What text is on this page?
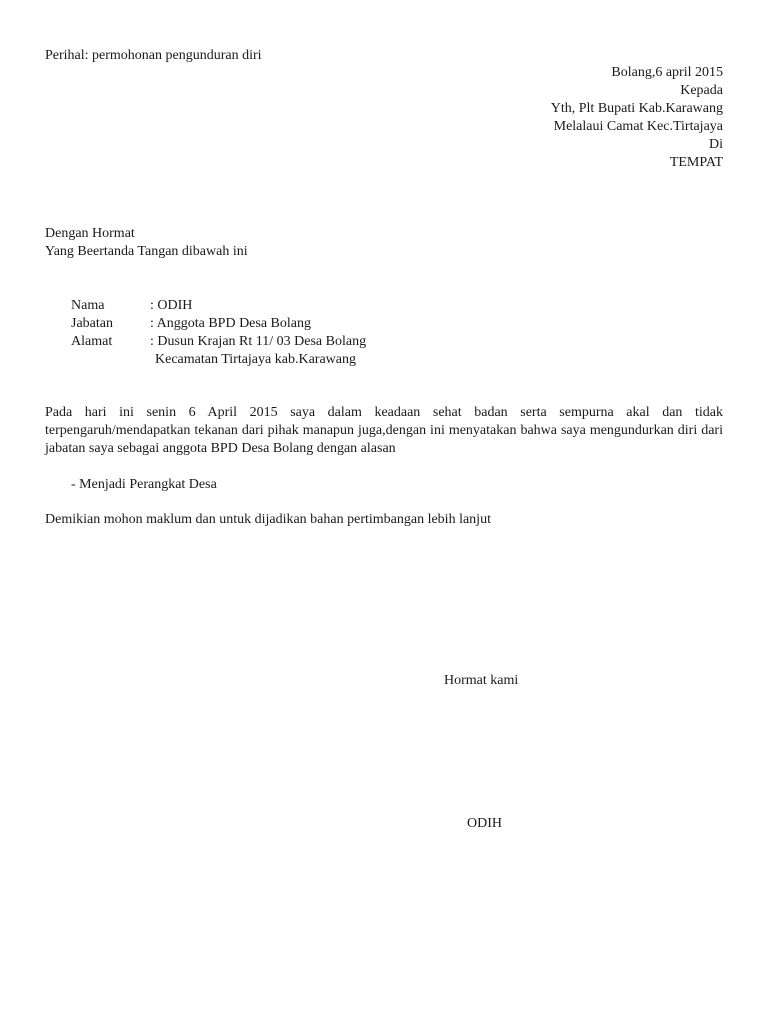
Perihal: permohonan pengunduran diri
Bolang,6 april 2015
Kepada
Yth, Plt Bupati Kab.Karawang
Melalaui Camat Kec.Tirtajaya
Di
TEMPAT
Dengan Hormat
Yang Beertanda Tangan dibawah ini
Nama	: ODIH
Jabatan	: Anggota BPD Desa Bolang
Alamat	: Dusun Krajan Rt 11/ 03 Desa Bolang
Kecamatan Tirtajaya kab.Karawang

Pada hari ini senin 6 April 2015 saya dalam keadaan sehat badan serta sempurna akal dan tidak terpengaruh/mendapatkan tekanan dari pihak manapun juga,dengan ini menyatakan bahwa saya mengundurkan diri dari jabatan saya sebagai anggota BPD Desa Bolang dengan alasan

- Menjadi Perangkat Desa
Demikian mohon maklum dan untuk dijadikan bahan pertimbangan lebih lanjut
Hormat kami
ODIH
